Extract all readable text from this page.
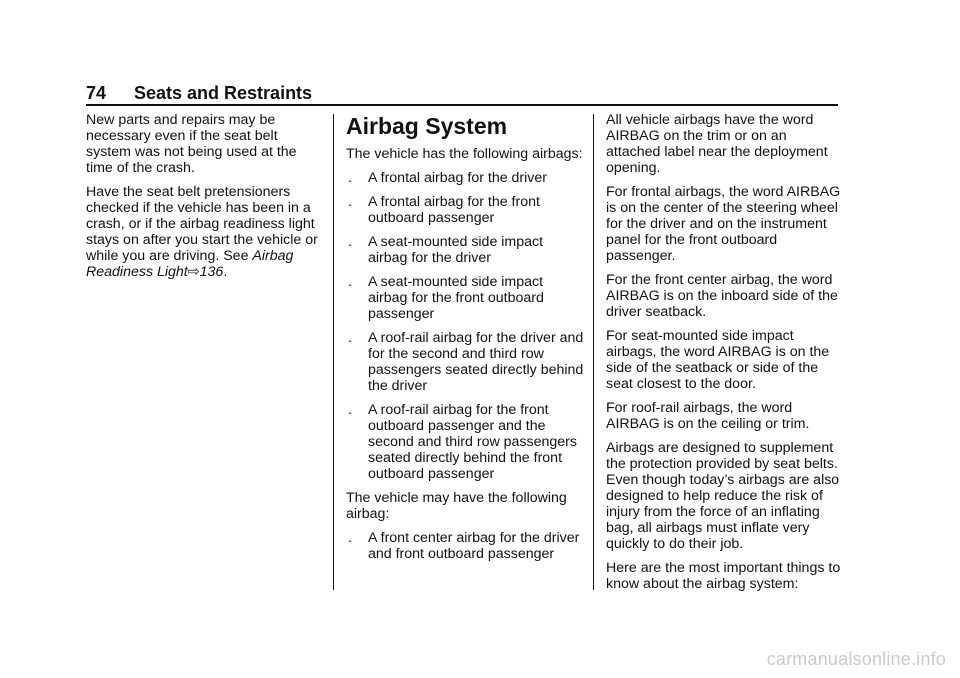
74 Seats and Restraints

New parts and repairs may be necessary even if the seat belt system was not being used at the time of the crash.

Have the seat belt pretensioners checked if the vehicle has been in a crash, or if the airbag readiness light stays on after you start the vehicle or while you are driving. See Airbag Readiness Light⇨136.

Airbag System

The vehicle has the following airbags:

. A frontal airbag for the driver
. A frontal airbag for the front outboard passenger
. A seat-mounted side impact airbag for the driver
. A seat-mounted side impact airbag for the front outboard passenger
. A roof-rail airbag for the driver and for the second and third row passengers seated directly behind the driver
. A roof-rail airbag for the front outboard passenger and the second and third row passengers seated directly behind the front outboard passenger

The vehicle may have the following airbag:

. A front center airbag for the driver and front outboard passenger

All vehicle airbags have the word AIRBAG on the trim or on an attached label near the deployment opening.

For frontal airbags, the word AIRBAG is on the center of the steering wheel for the driver and on the instrument panel for the front outboard passenger.

For the front center airbag, the word AIRBAG is on the inboard side of the driver seatback.

For seat-mounted side impact airbags, the word AIRBAG is on the side of the seatback or side of the seat closest to the door.

For roof-rail airbags, the word AIRBAG is on the ceiling or trim.

Airbags are designed to supplement the protection provided by seat belts. Even though today’s airbags are also designed to help reduce the risk of injury from the force of an inflating bag, all airbags must inflate very quickly to do their job.

Here are the most important things to know about the airbag system:

carmanualsonline.info
